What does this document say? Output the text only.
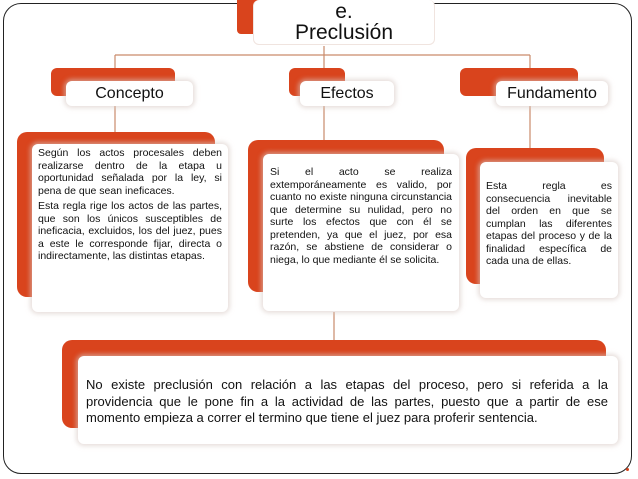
e.
Preclusión
Concepto	Efectos	Fundamento

Según los actos procesales deben realizarse dentro de la etapa u oportunidad señalada por la ley, si pena de que sean ineficaces.

Esta regla rige los actos de las partes, que son los únicos susceptibles de ineficacia, excluidos, los del juez, pues a este le corresponde fijar, directa o indirectamente, las distintas etapas.

Si el acto se realiza extemporáneamente es valido, por cuanto no existe ninguna circunstancia que determine su nulidad, pero no surte los efectos que con él se pretenden, ya que el juez, por esa razón, se abstiene de considerar o niega, lo que mediante él se solicita.

Esta regla es consecuencia inevitable del orden en que se cumplan las diferentes etapas del proceso y de la finalidad específica de cada una de ellas.

No existe preclusión con relación a las etapas del proceso, pero si referida a la providencia que le pone fin a la actividad de las partes, puesto que a partir de ese momento empieza a correr el termino que tiene el juez para proferir sentencia.
